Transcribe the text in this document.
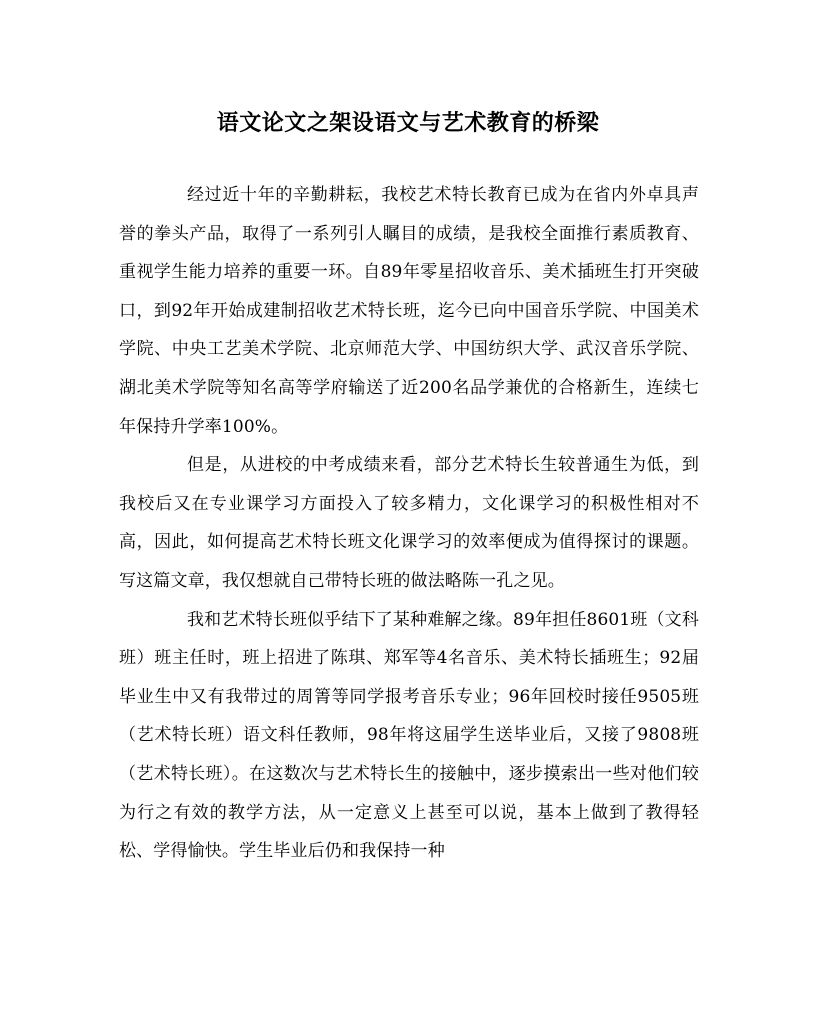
语文论文之架设语文与艺术教育的桥梁

经过近十年的辛勤耕耘，我校艺术特长教育已成为在省内外卓具声誉的拳头产品，取得了一系列引人瞩目的成绩，是我校全面推行素质教育、重视学生能力培养的重要一环。自89年零星招收音乐、美术插班生打开突破口，到92年开始成建制招收艺术特长班，迄今已向中国音乐学院、中国美术学院、中央工艺美术学院、北京师范大学、中国纺织大学、武汉音乐学院、湖北美术学院等知名高等学府输送了近200名品学兼优的合格新生，连续七年保持升学率100%。

但是，从进校的中考成绩来看，部分艺术特长生较普通生为低，到我校后又在专业课学习方面投入了较多精力，文化课学习的积极性相对不高，因此，如何提高艺术特长班文化课学习的效率便成为值得探讨的课题。写这篇文章，我仅想就自己带特长班的做法略陈一孔之见。

我和艺术特长班似乎结下了某种难解之缘。89年担任8601班（文科班）班主任时，班上招进了陈琪、郑军等4名音乐、美术特长插班生；92届毕业生中又有我带过的周箐等同学报考音乐专业；96年回校时接任9505班（艺术特长班）语文科任教师，98年将这届学生送毕业后，又接了9808班（艺术特长班）。在这数次与艺术特长生的接触中，逐步摸索出一些对他们较为行之有效的教学方法，从一定意义上甚至可以说，基本上做到了教得轻松、学得愉快。学生毕业后仍和我保持一种
